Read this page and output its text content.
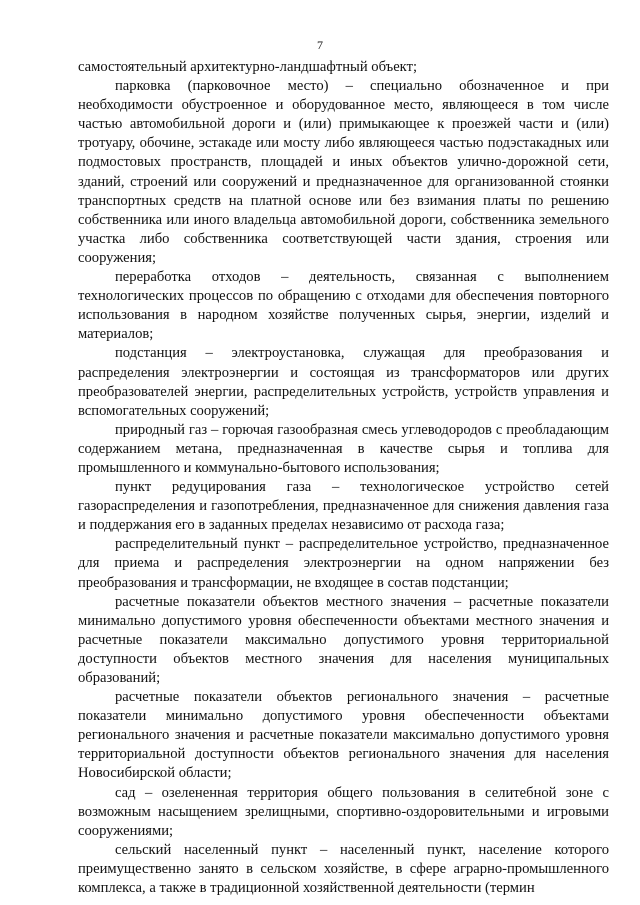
7

самостоятельный архитектурно-ландшафтный объект;

парковка (парковочное место) – специально обозначенное и при необходимости обустроенное и оборудованное место, являющееся в том числе частью автомобильной дороги и (или) примыкающее к проезжей части и (или) тротуару, обочине, эстакаде или мосту либо являющееся частью подэстакадных или подмостовых пространств, площадей и иных объектов улично-дорожной сети, зданий, строений или сооружений и предназначенное для организованной стоянки транспортных средств на платной основе или без взимания платы по решению собственника или иного владельца автомобильной дороги, собственника земельного участка либо собственника соответствующей части здания, строения или сооружения;

переработка отходов – деятельность, связанная с выполнением технологических процессов по обращению с отходами для обеспечения повторного использования в народном хозяйстве полученных сырья, энергии, изделий и материалов;

подстанция – электроустановка, служащая для преобразования и распределения электроэнергии и состоящая из трансформаторов или других преобразователей энергии, распределительных устройств, устройств управления и вспомогательных сооружений;

природный газ – горючая газообразная смесь углеводородов с преобладающим содержанием метана, предназначенная в качестве сырья и топлива для промышленного и коммунально-бытового использования;

пункт редуцирования газа – технологическое устройство сетей газораспределения и газопотребления, предназначенное для снижения давления газа и поддержания его в заданных пределах независимо от расхода газа;

распределительный пункт – распределительное устройство, предназначенное для приема и распределения электроэнергии на одном напряжении без преобразования и трансформации, не входящее в состав подстанции;

расчетные показатели объектов местного значения – расчетные показатели минимально допустимого уровня обеспеченности объектами местного значения и расчетные показатели максимально допустимого уровня территориальной доступности объектов местного значения для населения муниципальных образований;

расчетные показатели объектов регионального значения – расчетные показатели минимально допустимого уровня обеспеченности объектами регионального значения и расчетные показатели максимально допустимого уровня территориальной доступности объектов регионального значения для населения Новосибирской области;

сад – озелененная территория общего пользования в селитебной зоне с возможным насыщением зрелищными, спортивно-оздоровительными и игровыми сооружениями;

сельский населенный пункт – населенный пункт, население которого преимущественно занято в сельском хозяйстве, в сфере аграрно-промышленного комплекса, а также в традиционной хозяйственной деятельности (термин
